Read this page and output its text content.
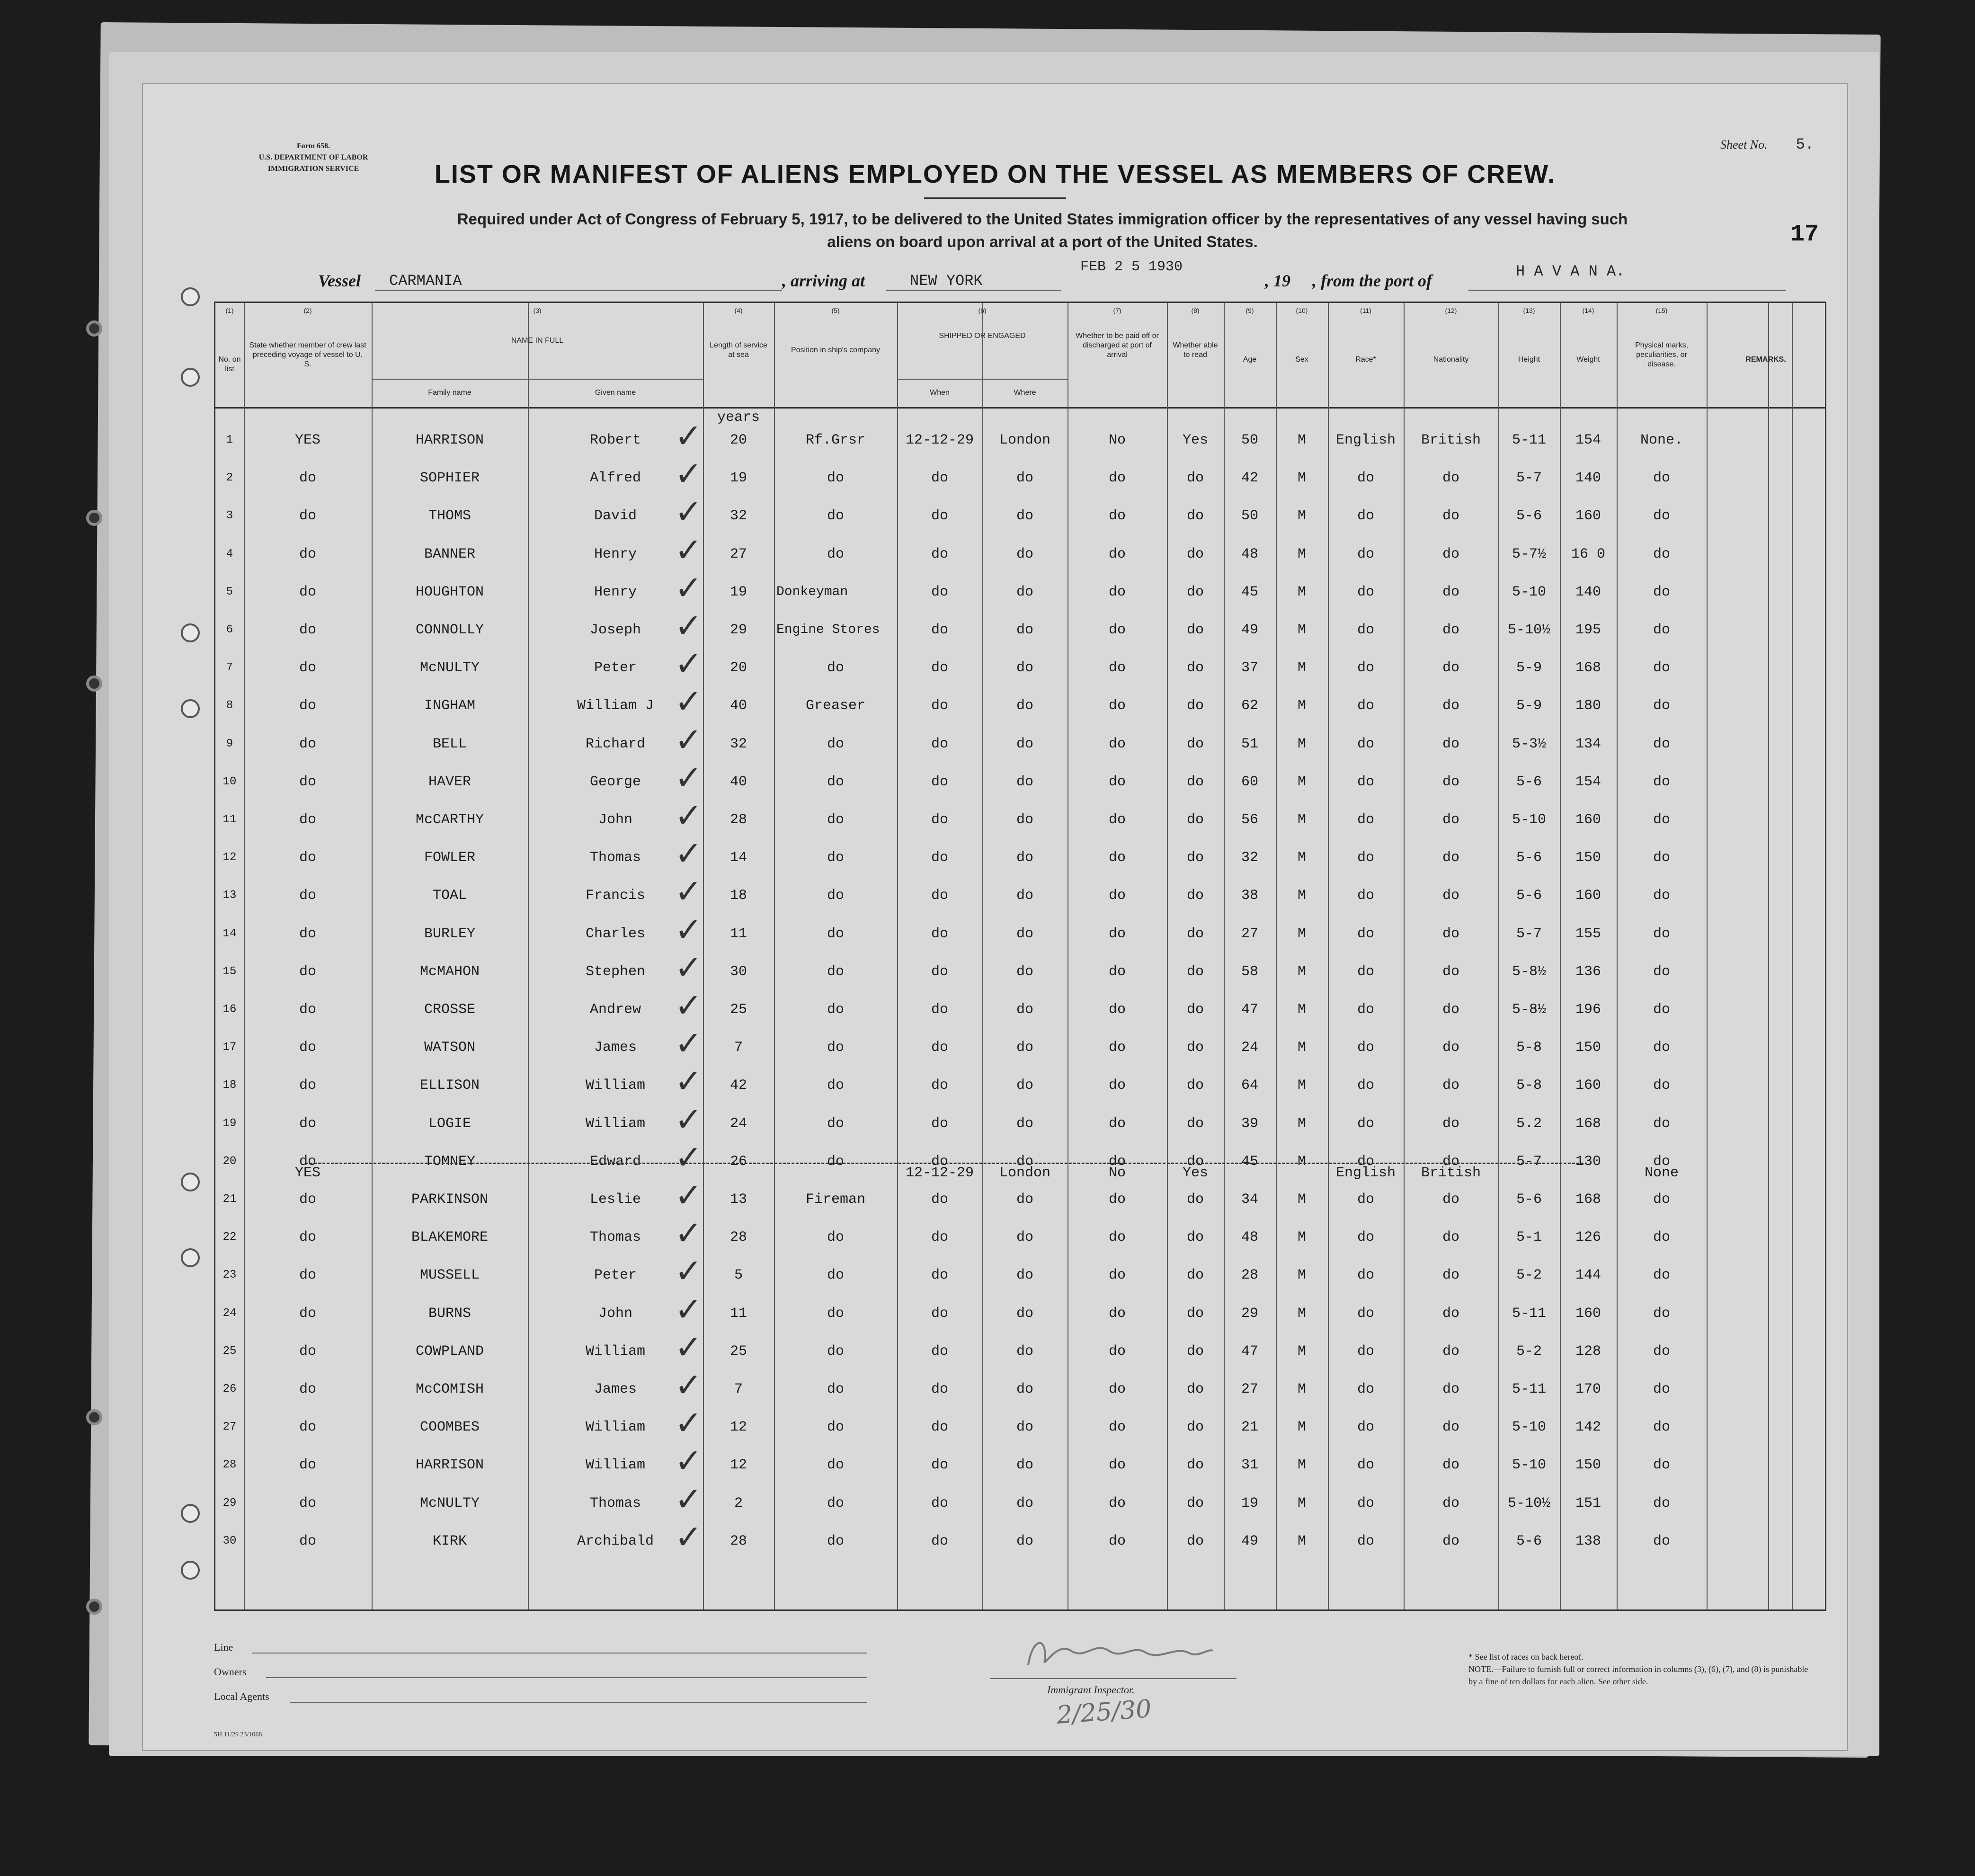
Form 658.
U.S. DEPARTMENT OF LABOR
IMMIGRATION SERVICE
Sheet No. 5.
LIST OR MANIFEST OF ALIENS EMPLOYED ON THE VESSEL AS MEMBERS OF CREW.
Required under Act of Congress of February 5, 1917, to be delivered to the United States immigration officer by the representatives of any vessel having such
aliens on board upon arrival at a port of the United States.	17
Vessel CARMANIA	, arriving at	NEW YORK
FEB 2 5 1930
, 19 , from the port of	H A V A N A.
(1)	(2)	(3)	(4)	(5)	(6)	(7)	(8)	(9)	(10)	(11)	(12)	(13)	(14)	(15)
No. on list
State whether member of crew last preceding voyage of vessel to U. S.
NAME IN FULL
Family name	Given name
Length of service at sea
Position in ship's company
SHIPPED OR ENGAGED
When	Where
Whether to be paid off or discharged at port of arrival
Whether able to read
Age	Sex	Race*	Nationality	Height	Weight
Physical marks, peculiarities, or disease.
REMARKS.
years
1	YES	HARRISON	Robert	20	Rf.Grsr	12-12-29	London	No	Yes	50	M	English	British	5-11	154	None.
✓
2	do	SOPHIER	Alfred	19	do	do	do	do	do	42	M	do	do	5-7	140	do
✓
3	do	THOMS	David	32	do	do	do	do	do	50	M	do	do	5-6	160	do
✓
4	do	BANNER	Henry	27	do	do	do	do	do	48	M	do	do	5-7½	16 0	do
✓
5	do	HOUGHTON	Henry	19	Donkeyman	do	do	do	do	45	M	do	do	5-10	140	do
✓
6	do	CONNOLLY	Joseph	29	Engine Stores	do	do	do	do	49	M	do	do	5-10½	195	do
✓
7	do	McNULTY	Peter	20	do	do	do	do	do	37	M	do	do	5-9	168	do
✓
8	do	INGHAM	William J	40	Greaser	do	do	do	do	62	M	do	do	5-9	180	do
✓
9	do	BELL	Richard	32	do	do	do	do	do	51	M	do	do	5-3½	134	do
✓
10	do	HAVER	George	40	do	do	do	do	do	60	M	do	do	5-6	154	do
✓
11	do	McCARTHY	John	28	do	do	do	do	do	56	M	do	do	5-10	160	do
✓
12	do	FOWLER	Thomas	14	do	do	do	do	do	32	M	do	do	5-6	150	do
✓
13	do	TOAL	Francis	18	do	do	do	do	do	38	M	do	do	5-6	160	do
✓
14	do	BURLEY	Charles	11	do	do	do	do	do	27	M	do	do	5-7	155	do
✓
15	do	McMAHON	Stephen	30	do	do	do	do	do	58	M	do	do	5-8½	136	do
✓
16	do	CROSSE	Andrew	25	do	do	do	do	do	47	M	do	do	5-8½	196	do
✓
17	do	WATSON	James	7	do	do	do	do	do	24	M	do	do	5-8	150	do
✓
18	do	ELLISON	William	42	do	do	do	do	do	64	M	do	do	5-8	160	do
✓
19	do	LOGIE	William	24	do	do	do	do	do	39	M	do	do	5.2	168	do
✓
20	do	TOMNEY	Edward	26	do	do	do	do	do	45	M	do	do	5-7	130	do
✓
21	do	PARKINSON	Leslie	13	Fireman	do	do	do	do	34	M	do	do	5-6	168	do
✓
22	do	BLAKEMORE	Thomas	28	do	do	do	do	do	48	M	do	do	5-1	126	do
✓
23	do	MUSSELL	Peter	5	do	do	do	do	do	28	M	do	do	5-2	144	do
✓
24	do	BURNS	John	11	do	do	do	do	do	29	M	do	do	5-11	160	do
✓
25	do	COWPLAND	William	25	do	do	do	do	do	47	M	do	do	5-2	128	do
✓
26	do	McCOMISH	James	7	do	do	do	do	do	27	M	do	do	5-11	170	do
✓
27	do	COOMBES	William	12	do	do	do	do	do	21	M	do	do	5-10	142	do
✓
28	do	HARRISON	William	12	do	do	do	do	do	31	M	do	do	5-10	150	do
✓
29	do	McNULTY	Thomas	2	do	do	do	do	do	19	M	do	do	5-10½	151	do
✓
30	do	KIRK	Archibald	28	do	do	do	do	do	49	M	do	do	5-6	138	do
✓
YES	12-12-29	London	No	Yes	English	British	None
Line
Owners
Local Agents
Immigrant Inspector.
2/25/30
* See list of races on back hereof.
NOTE.—Failure to furnish full or correct information in columns (3), (6), (7), and (8) is punishable by a fine of ten dollars for each alien. See other side.
5H 11/29 23/1068
